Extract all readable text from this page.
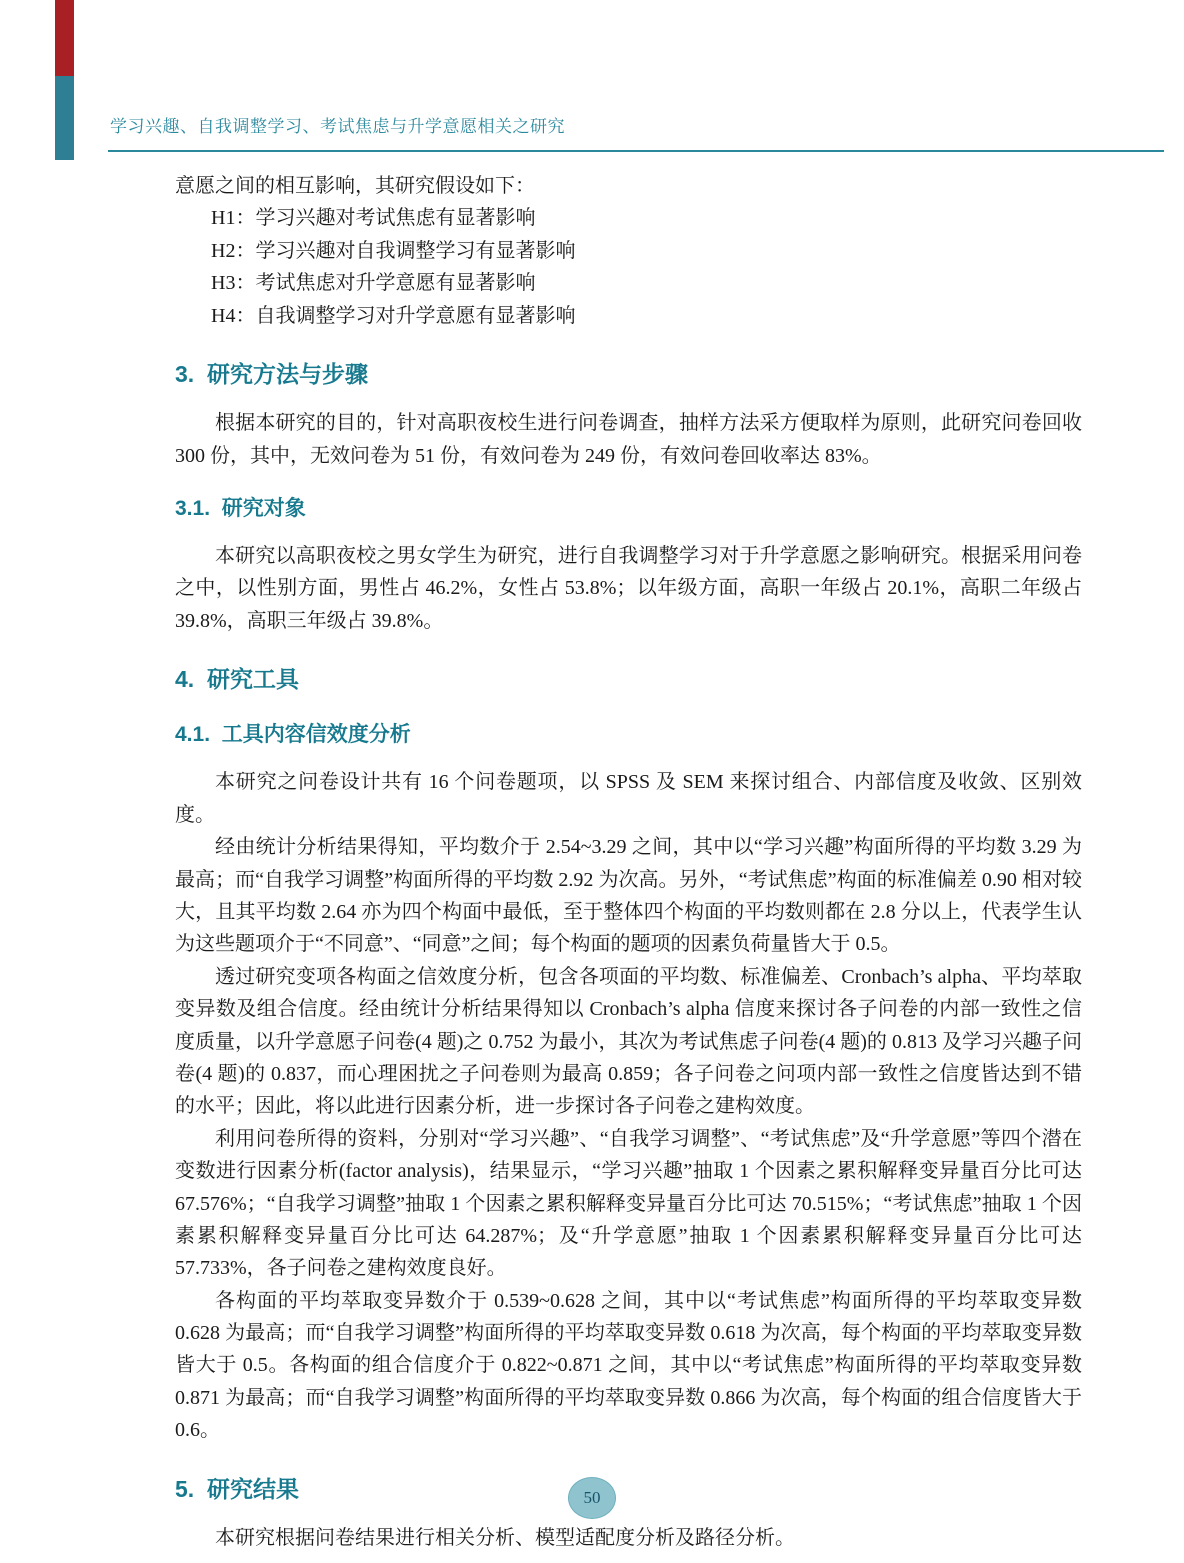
学习兴趣、自我调整学习、考试焦虑与升学意愿相关之研究

意愿之间的相互影响，其研究假设如下：

H1：学习兴趣对考试焦虑有显著影响

H2：学习兴趣对自我调整学习有显著影响

H3：考试焦虑对升学意愿有显著影响

H4：自我调整学习对升学意愿有显著影响

3.  研究方法与步骤

根据本研究的目的，针对高职夜校生进行问卷调查，抽样方法采方便取样为原则，此研究问卷回收 300 份，其中，无效问卷为 51 份，有效问卷为 249 份，有效问卷回收率达 83%。

3.1.  研究对象

本研究以高职夜校之男女学生为研究，进行自我调整学习对于升学意愿之影响研究。根据采用问卷之中，以性别方面，男性占 46.2%，女性占 53.8%；以年级方面，高职一年级占 20.1%，高职二年级占 39.8%，高职三年级占 39.8%。

4.  研究工具
4.1.  工具内容信效度分析

本研究之问卷设计共有 16 个问卷题项，以 SPSS 及 SEM 来探讨组合、内部信度及收敛、区别效度。

经由统计分析结果得知，平均数介于 2.54~3.29 之间，其中以“学习兴趣”构面所得的平均数 3.29 为最高；而“自我学习调整”构面所得的平均数 2.92 为次高。另外，“考试焦虑”构面的标准偏差 0.90 相对较大，且其平均数 2.64 亦为四个构面中最低，至于整体四个构面的平均数则都在 2.8 分以上，代表学生认为这些题项介于“不同意”、“同意”之间；每个构面的题项的因素负荷量皆大于 0.5。

透过研究变项各构面之信效度分析，包含各项面的平均数、标准偏差、Cronbach’s alpha、平均萃取变异数及组合信度。经由统计分析结果得知以 Cronbach’s alpha 信度来探讨各子问卷的内部一致性之信度质量，以升学意愿子问卷(4 题)之 0.752 为最小，其次为考试焦虑子问卷(4 题)的 0.813 及学习兴趣子问卷(4 题)的 0.837，而心理困扰之子问卷则为最高 0.859；各子问卷之问项内部一致性之信度皆达到不错的水平；因此，将以此进行因素分析，进一步探讨各子问卷之建构效度。

利用问卷所得的资料，分别对“学习兴趣”、“自我学习调整”、“考试焦虑”及“升学意愿”等四个潜在变数进行因素分析(factor analysis)，结果显示，“学习兴趣”抽取 1 个因素之累积解释变异量百分比可达 67.576%；“自我学习调整”抽取 1 个因素之累积解释变异量百分比可达 70.515%；“考试焦虑”抽取 1 个因素累积解释变异量百分比可达 64.287%；及“升学意愿”抽取 1 个因素累积解释变异量百分比可达 57.733%，各子问卷之建构效度良好。

各构面的平均萃取变异数介于 0.539~0.628 之间，其中以“考试焦虑”构面所得的平均萃取变异数 0.628 为最高；而“自我学习调整”构面所得的平均萃取变异数 0.618 为次高，每个构面的平均萃取变异数皆大于 0.5。各构面的组合信度介于 0.822~0.871 之间，其中以“考试焦虑”构面所得的平均萃取变异数 0.871 为最高；而“自我学习调整”构面所得的平均萃取变异数 0.866 为次高，每个构面的组合信度皆大于 0.6。

5.  研究结果

本研究根据问卷结果进行相关分析、模型适配度分析及路径分析。

50
